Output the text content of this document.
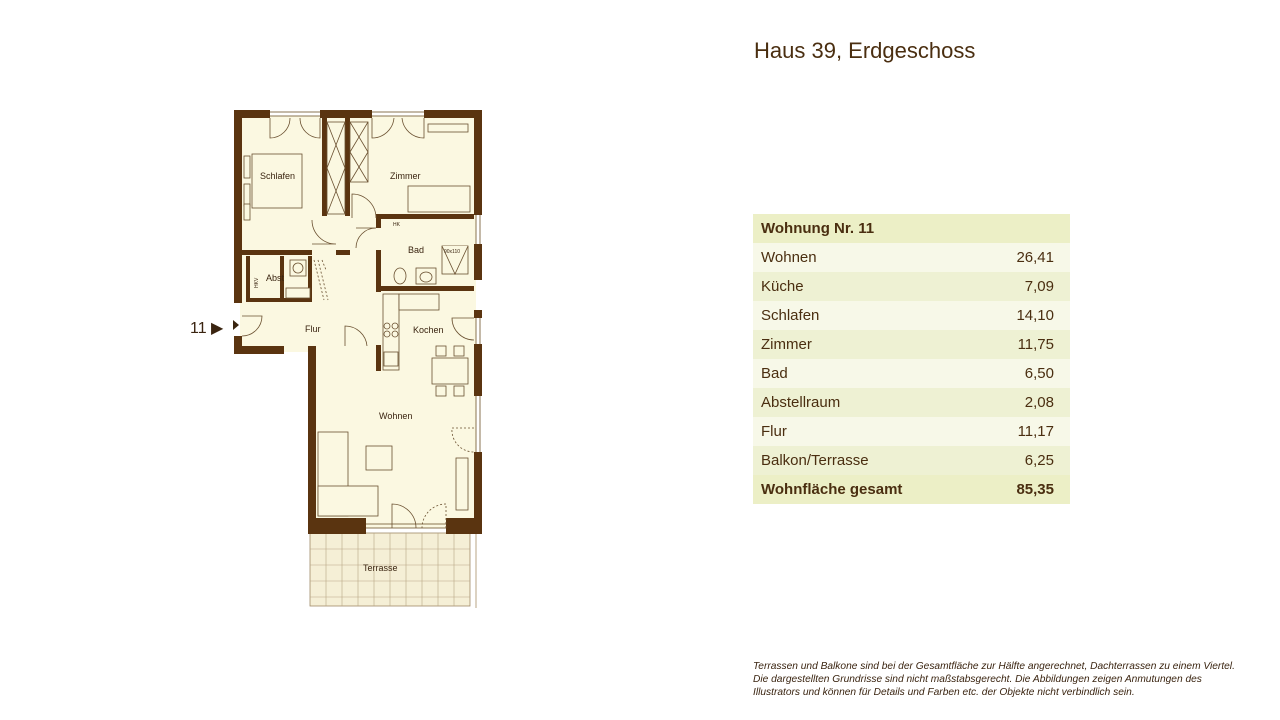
Haus 39, Erdgeschoss
Schlafen	Zimmer
Bad
Abst
Flur	Kochen
Wohnen
Terrasse
HK
90x110
HKV
11 ▶
Wohnung Nr. 11	
Wohnen	26,41
Küche	7,09
Schlafen	14,10
Zimmer	11,75
Bad	6,50
Abstellraum	2,08
Flur	11,17
Balkon/Terrasse	6,25
Wohnfläche gesamt	85,35
Terrassen und Balkone sind bei der Gesamtfläche zur Hälfte angerechnet, Dachterrassen zu einem Viertel.
Die dargestellten Grundrisse sind nicht maßstabsgerecht. Die Abbildungen zeigen Anmutungen des
Illustrators und können für Details und Farben etc. der Objekte nicht verbindlich sein.
